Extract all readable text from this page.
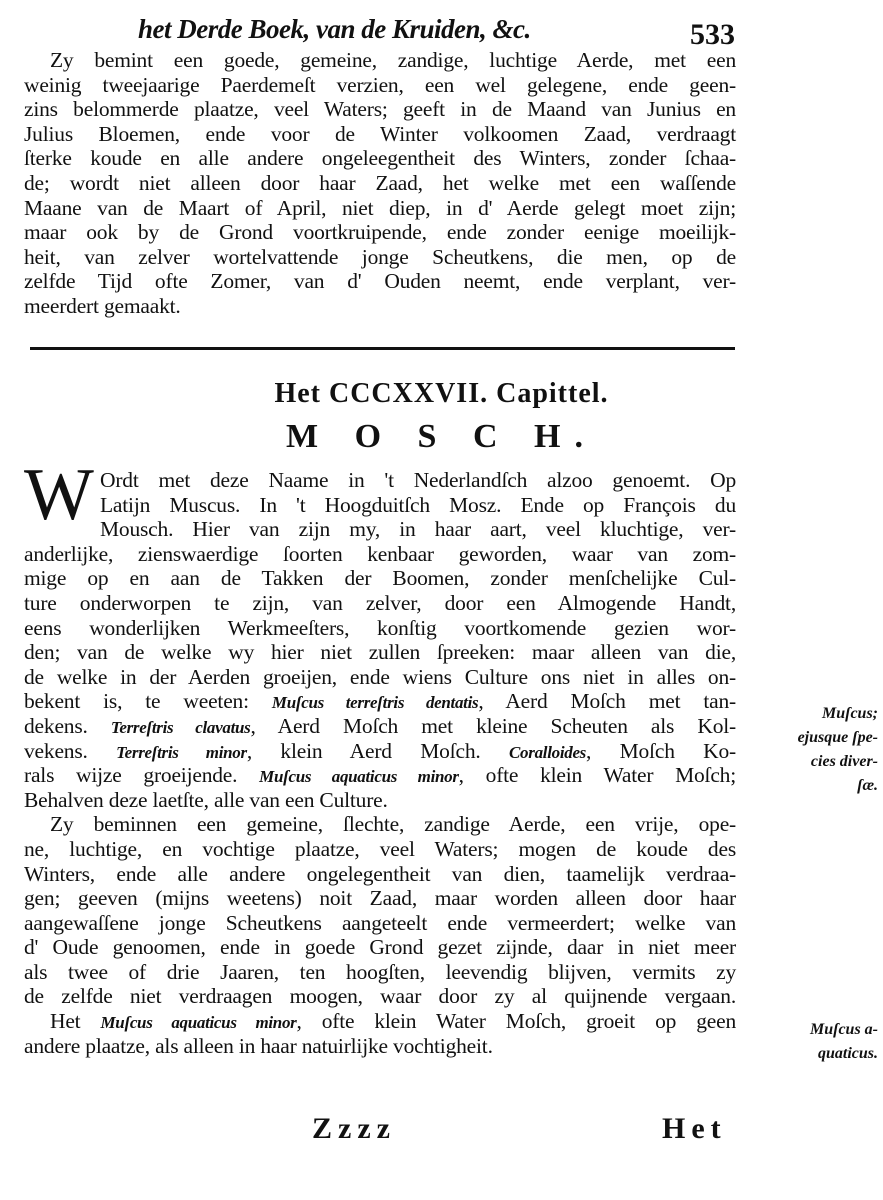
het Derde Boek, van de Kruiden, &c.	533
Zy bemint een goede, gemeine, zandige, luchtige Aerde, met een
weinig tweejaarige Paerdemeſt verzien, een wel gelegene, ende geen-
zins belommerde plaatze, veel Waters; geeft in de Maand van Junius en
Julius Bloemen, ende voor de Winter volkoomen Zaad, verdraagt
ſterke koude en alle andere ongeleegentheit des Winters, zonder ſchaa-
de; wordt niet alleen door haar Zaad, het welke met een waſſende
Maane van de Maart of April, niet diep, in d' Aerde gelegt moet zijn;
maar ook by de Grond voortkruipende, ende zonder eenige moeilijk-
heit, van zelver wortelvattende jonge Scheutkens, die men, op de
zelfde Tijd ofte Zomer, van d' Ouden neemt, ende verplant, ver-
meerdert gemaakt.
Het CCCXXVII. Capittel.
M O S C H.
W Ordt met deze Naame in 't Nederlandſch alzoo genoemt. Op
Latijn Muscus. In 't Hoogduitſch Mosz. Ende op François du
Mousch. Hier van zijn my, in haar aart, veel kluchtige, ver-
anderlijke, zienswaerdige ſoorten kenbaar geworden, waar van zom-
mige op en aan de Takken der Boomen, zonder menſchelijke Cul-
ture onderworpen te zijn, van zelver, door een Almogende Handt,
eens wonderlijken Werkmeeſters, konſtig voortkomende gezien wor-
den; van de welke wy hier niet zullen ſpreeken: maar alleen van die,
de welke in der Aerden groeijen, ende wiens Culture ons niet in alles on-
bekent is, te weeten: Muſcus terreſtris dentatis, Aerd Moſch met tan-
dekens. Terreſtris clavatus, Aerd Moſch met kleine Scheuten als Kol-
vekens. Terreſtris minor, klein Aerd Moſch. Coralloides, Moſch Ko-
rals wijze groeijende. Muſcus aquaticus minor, ofte klein Water Moſch;
Behalven deze laetſte, alle van een Culture.
Zy beminnen een gemeine, ſlechte, zandige Aerde, een vrije, ope-
ne, luchtige, en vochtige plaatze, veel Waters; mogen de koude des
Winters, ende alle andere ongelegentheit van dien, taamelijk verdraa-
gen; geeven (mijns weetens) noit Zaad, maar worden alleen door haar
aangewaſſene jonge Scheutkens aangeteelt ende vermeerdert; welke van
d' Oude genoomen, ende in goede Grond gezet zijnde, daar in niet meer
als twee of drie Jaaren, ten hoogſten, leevendig blijven, vermits zy
de zelfde niet verdraagen moogen, waar door zy al quijnende vergaan.
Het Muſcus aquaticus minor, ofte klein Water Moſch, groeit op geen
andere plaatze, als alleen in haar natuirlijke vochtigheit.
Muſcus;
ejusque ſpe-
cies diver-
ſæ.
Muſcus a-
quaticus.
Zzzz	Het
